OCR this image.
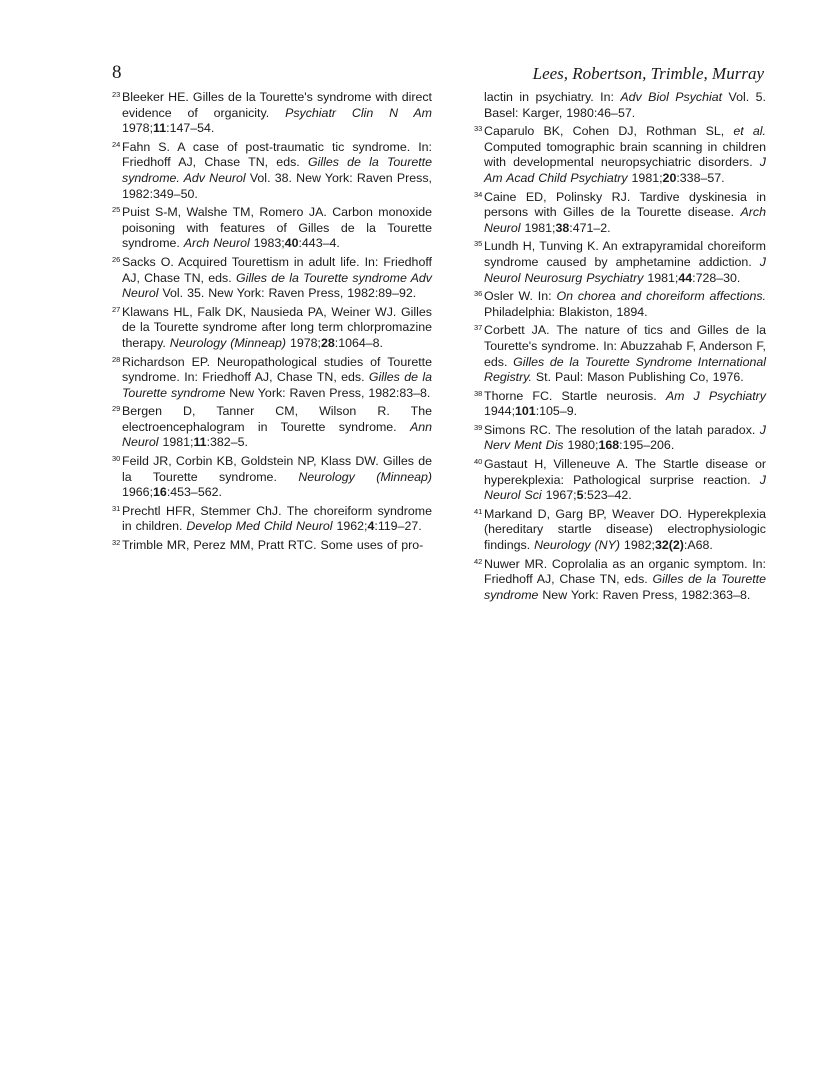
8	Lees, Robertson, Trimble, Murray
23 Bleeker HE. Gilles de la Tourette's syndrome with direct evidence of organicity. Psychiatr Clin N Am 1978;11:147–54.
24 Fahn S. A case of post-traumatic tic syndrome. In: Friedhoff AJ, Chase TN, eds. Gilles de la Tourette syndrome. Adv Neurol Vol. 38. New York: Raven Press, 1982:349–50.
25 Puist S-M, Walshe TM, Romero JA. Carbon monoxide poisoning with features of Gilles de la Tourette syndrome. Arch Neurol 1983;40:443–4.
26 Sacks O. Acquired Tourettism in adult life. In: Friedhoff AJ, Chase TN, eds. Gilles de la Tourette syndrome Adv Neurol Vol. 35. New York: Raven Press, 1982:89–92.
27 Klawans HL, Falk DK, Nausieda PA, Weiner WJ. Gilles de la Tourette syndrome after long term chlorpromazine therapy. Neurology (Minneap) 1978;28:1064–8.
28 Richardson EP. Neuropathological studies of Tourette syndrome. In: Friedhoff AJ, Chase TN, eds. Gilles de la Tourette syndrome New York: Raven Press, 1982:83–8.
29 Bergen D, Tanner CM, Wilson R. The electroencephalogram in Tourette syndrome. Ann Neurol 1981;11:382–5.
30 Feild JR, Corbin KB, Goldstein NP, Klass DW. Gilles de la Tourette syndrome. Neurology (Minneap) 1966;16:453–562.
31 Prechtl HFR, Stemmer ChJ. The choreiform syndrome in children. Develop Med Child Neurol 1962;4:119–27.
32 Trimble MR, Perez MM, Pratt RTC. Some uses of pro-
lactin in psychiatry. In: Adv Biol Psychiat Vol. 5. Basel: Karger, 1980:46–57.
33 Caparulo BK, Cohen DJ, Rothman SL, et al. Computed tomographic brain scanning in children with developmental neuropsychiatric disorders. J Am Acad Child Psychiatry 1981;20:338–57.
34 Caine ED, Polinsky RJ. Tardive dyskinesia in persons with Gilles de la Tourette disease. Arch Neurol 1981;38:471–2.
35 Lundh H, Tunving K. An extrapyramidal choreiform syndrome caused by amphetamine addiction. J Neurol Neurosurg Psychiatry 1981;44:728–30.
36 Osler W. In: On chorea and choreiform affections. Philadelphia: Blakiston, 1894.
37 Corbett JA. The nature of tics and Gilles de la Tourette's syndrome. In: Abuzzahab F, Anderson F, eds. Gilles de la Tourette Syndrome International Registry. St. Paul: Mason Publishing Co, 1976.
38 Thorne FC. Startle neurosis. Am J Psychiatry 1944;101:105–9.
39 Simons RC. The resolution of the latah paradox. J Nerv Ment Dis 1980;168:195–206.
40 Gastaut H, Villeneuve A. The Startle disease or hyperekplexia: Pathological surprise reaction. J Neurol Sci 1967;5:523–42.
41 Markand D, Garg BP, Weaver DO. Hyperekplexia (hereditary startle disease) electrophysiologic findings. Neurology (NY) 1982;32(2):A68.
42 Nuwer MR. Coprolalia as an organic symptom. In: Friedhoff AJ, Chase TN, eds. Gilles de la Tourette syndrome New York: Raven Press, 1982:363–8.
